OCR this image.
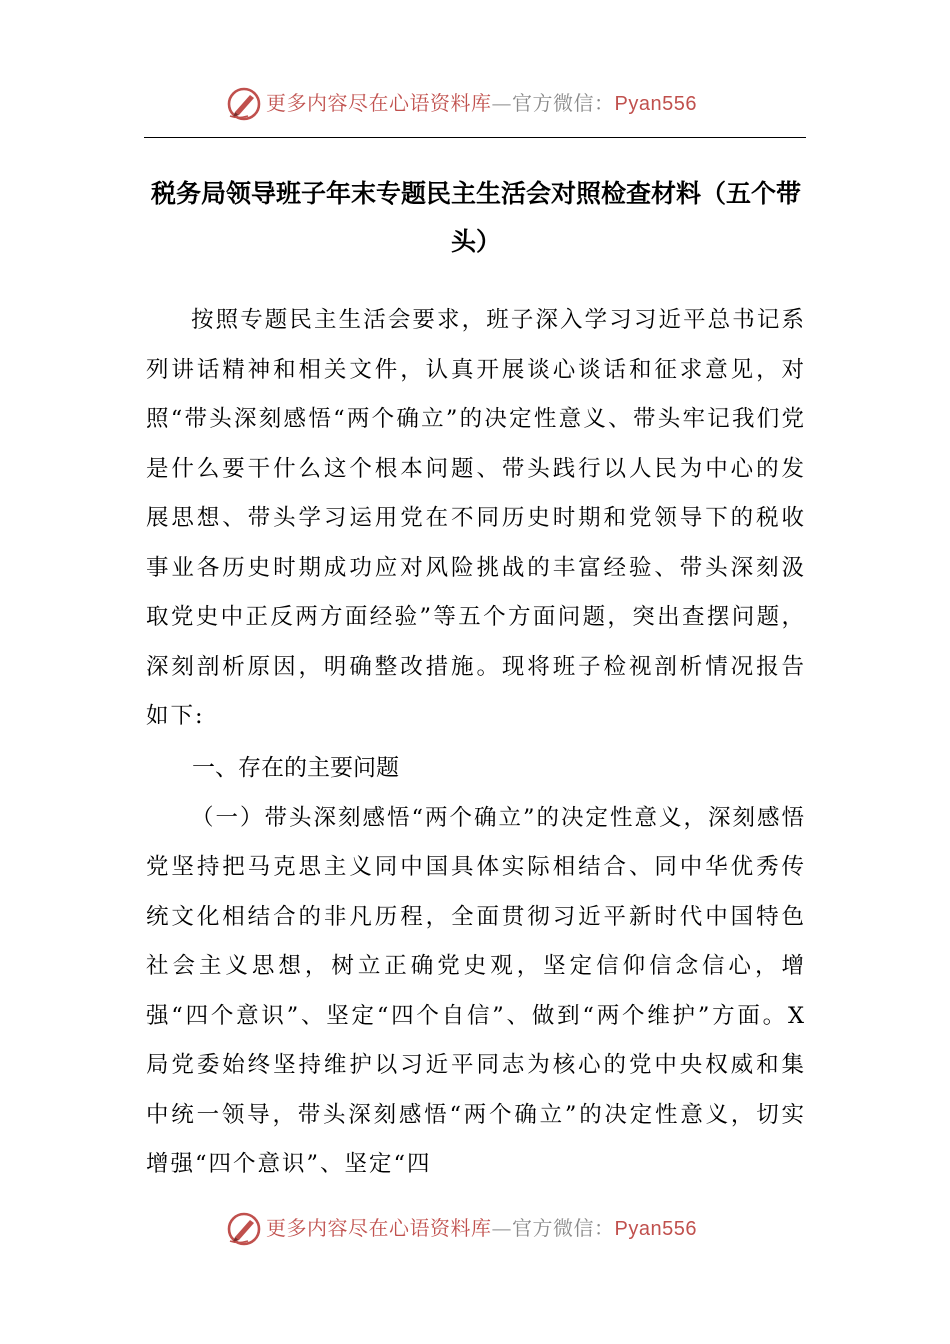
更多内容尽在心语资料库—官方微信：Pyan556
税务局领导班子年末专题民主生活会对照检查材料（五个带头）

按照专题民主生活会要求，班子深入学习习近平总书记系列讲话精神和相关文件，认真开展谈心谈话和征求意见，对照“带头深刻感悟“两个确立”的决定性意义、带头牢记我们党是什么要干什么这个根本问题、带头践行以人民为中心的发展思想、带头学习运用党在不同历史时期和党领导下的税收事业各历史时期成功应对风险挑战的丰富经验、带头深刻汲取党史中正反两方面经验”等五个方面问题，突出查摆问题，深刻剖析原因，明确整改措施。现将班子检视剖析情况报告如下:

一、存在的主要问题

（一）带头深刻感悟“两个确立”的决定性意义，深刻感悟党坚持把马克思主义同中国具体实际相结合、同中华优秀传统文化相结合的非凡历程，全面贯彻习近平新时代中国特色社会主义思想，树立正确党史观，坚定信仰信念信心，增强“四个意识”、坚定“四个自信”、做到“两个维护”方面。X局党委始终坚持维护以习近平同志为核心的党中央权威和集中统一领导，带头深刻感悟“两个确立”的决定性意义，切实增强“四个意识”、坚定“四

更多内容尽在心语资料库—官方微信：Pyan556
